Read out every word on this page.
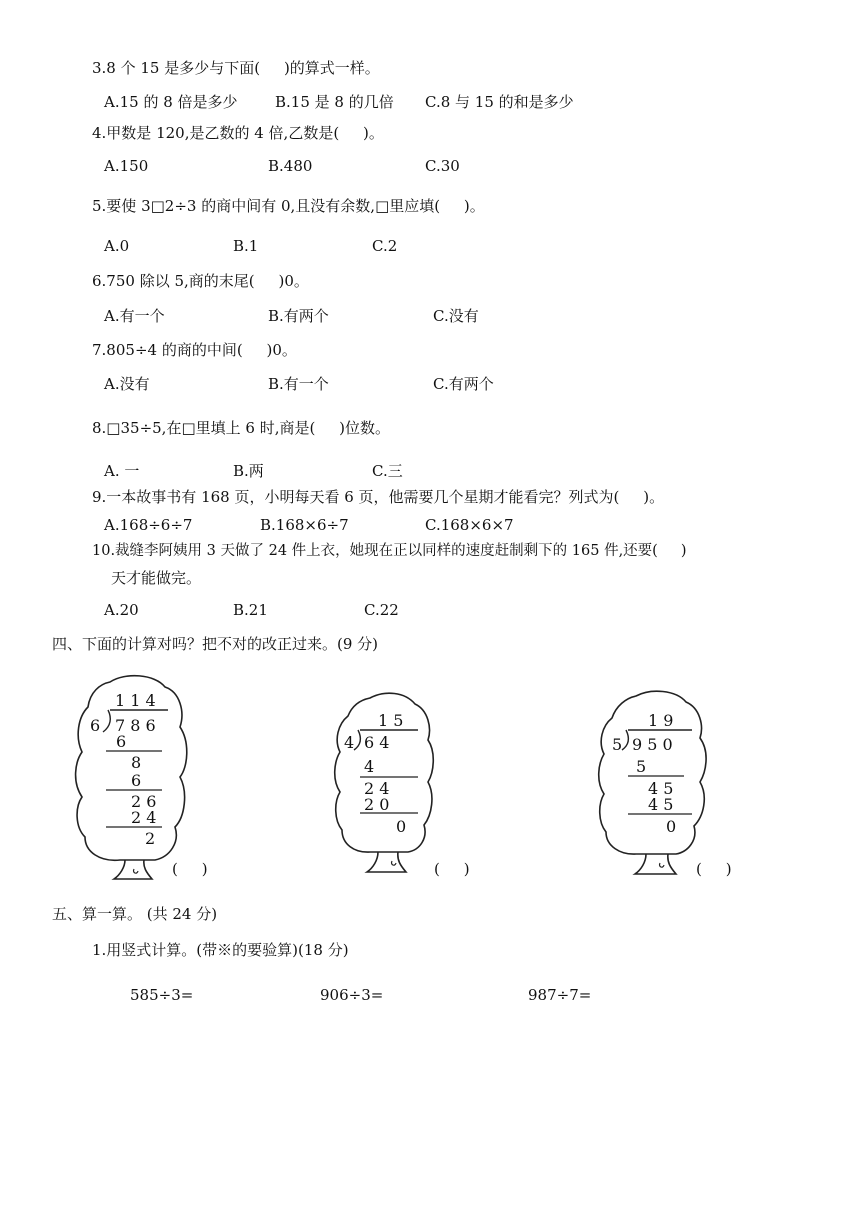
3.8 个 15 是多少与下面(     )的算式一样。
A.15 的 8 倍是多少 B.15 是 8 的几倍 C.8 与 15 的和是多少
4.甲数是 120,是乙数的 4 倍,乙数是(     )。
A.150	B.480	C.30
5.要使 3□2÷3 的商中间有 0,且没有余数,□里应填(     )。
A.0	B.1	C.2
6.750 除以 5,商的末尾(     )0。
A.有一个	B.有两个	C.没有
7.805÷4 的商的中间(     )0。
A.没有	B.有一个	C.有两个
8.□35÷5,在□里填上 6 时,商是(     )位数。
A. 一	B.两	C.三
9.一本故事书有 168 页，小明每天看 6 页，他需要几个星期才能看完？列式为(     )。
A.168÷6÷7	B.168×6÷7	C.168×6×7
10.裁缝李阿姨用 3 天做了 24 件上衣，她现在正以同样的速度赶制剩下的 165 件,还要(     )
天才能做完。
A.20	B.21	C.22
四、下面的计算对吗？把不对的改正过来。(9 分)
1 1 4
6 7 8 6
6
8
6
2 6
2 4
2
(     )
1 5
4 6 4
4
2 4
2 0
0
(     )
1 9
5 9 5 0
5
4 5
4 5
0
(     )
五、算一算。 (共 24 分)
1.用竖式计算。(带※的要验算)(18 分)
585÷3=	906÷3=	987÷7=
